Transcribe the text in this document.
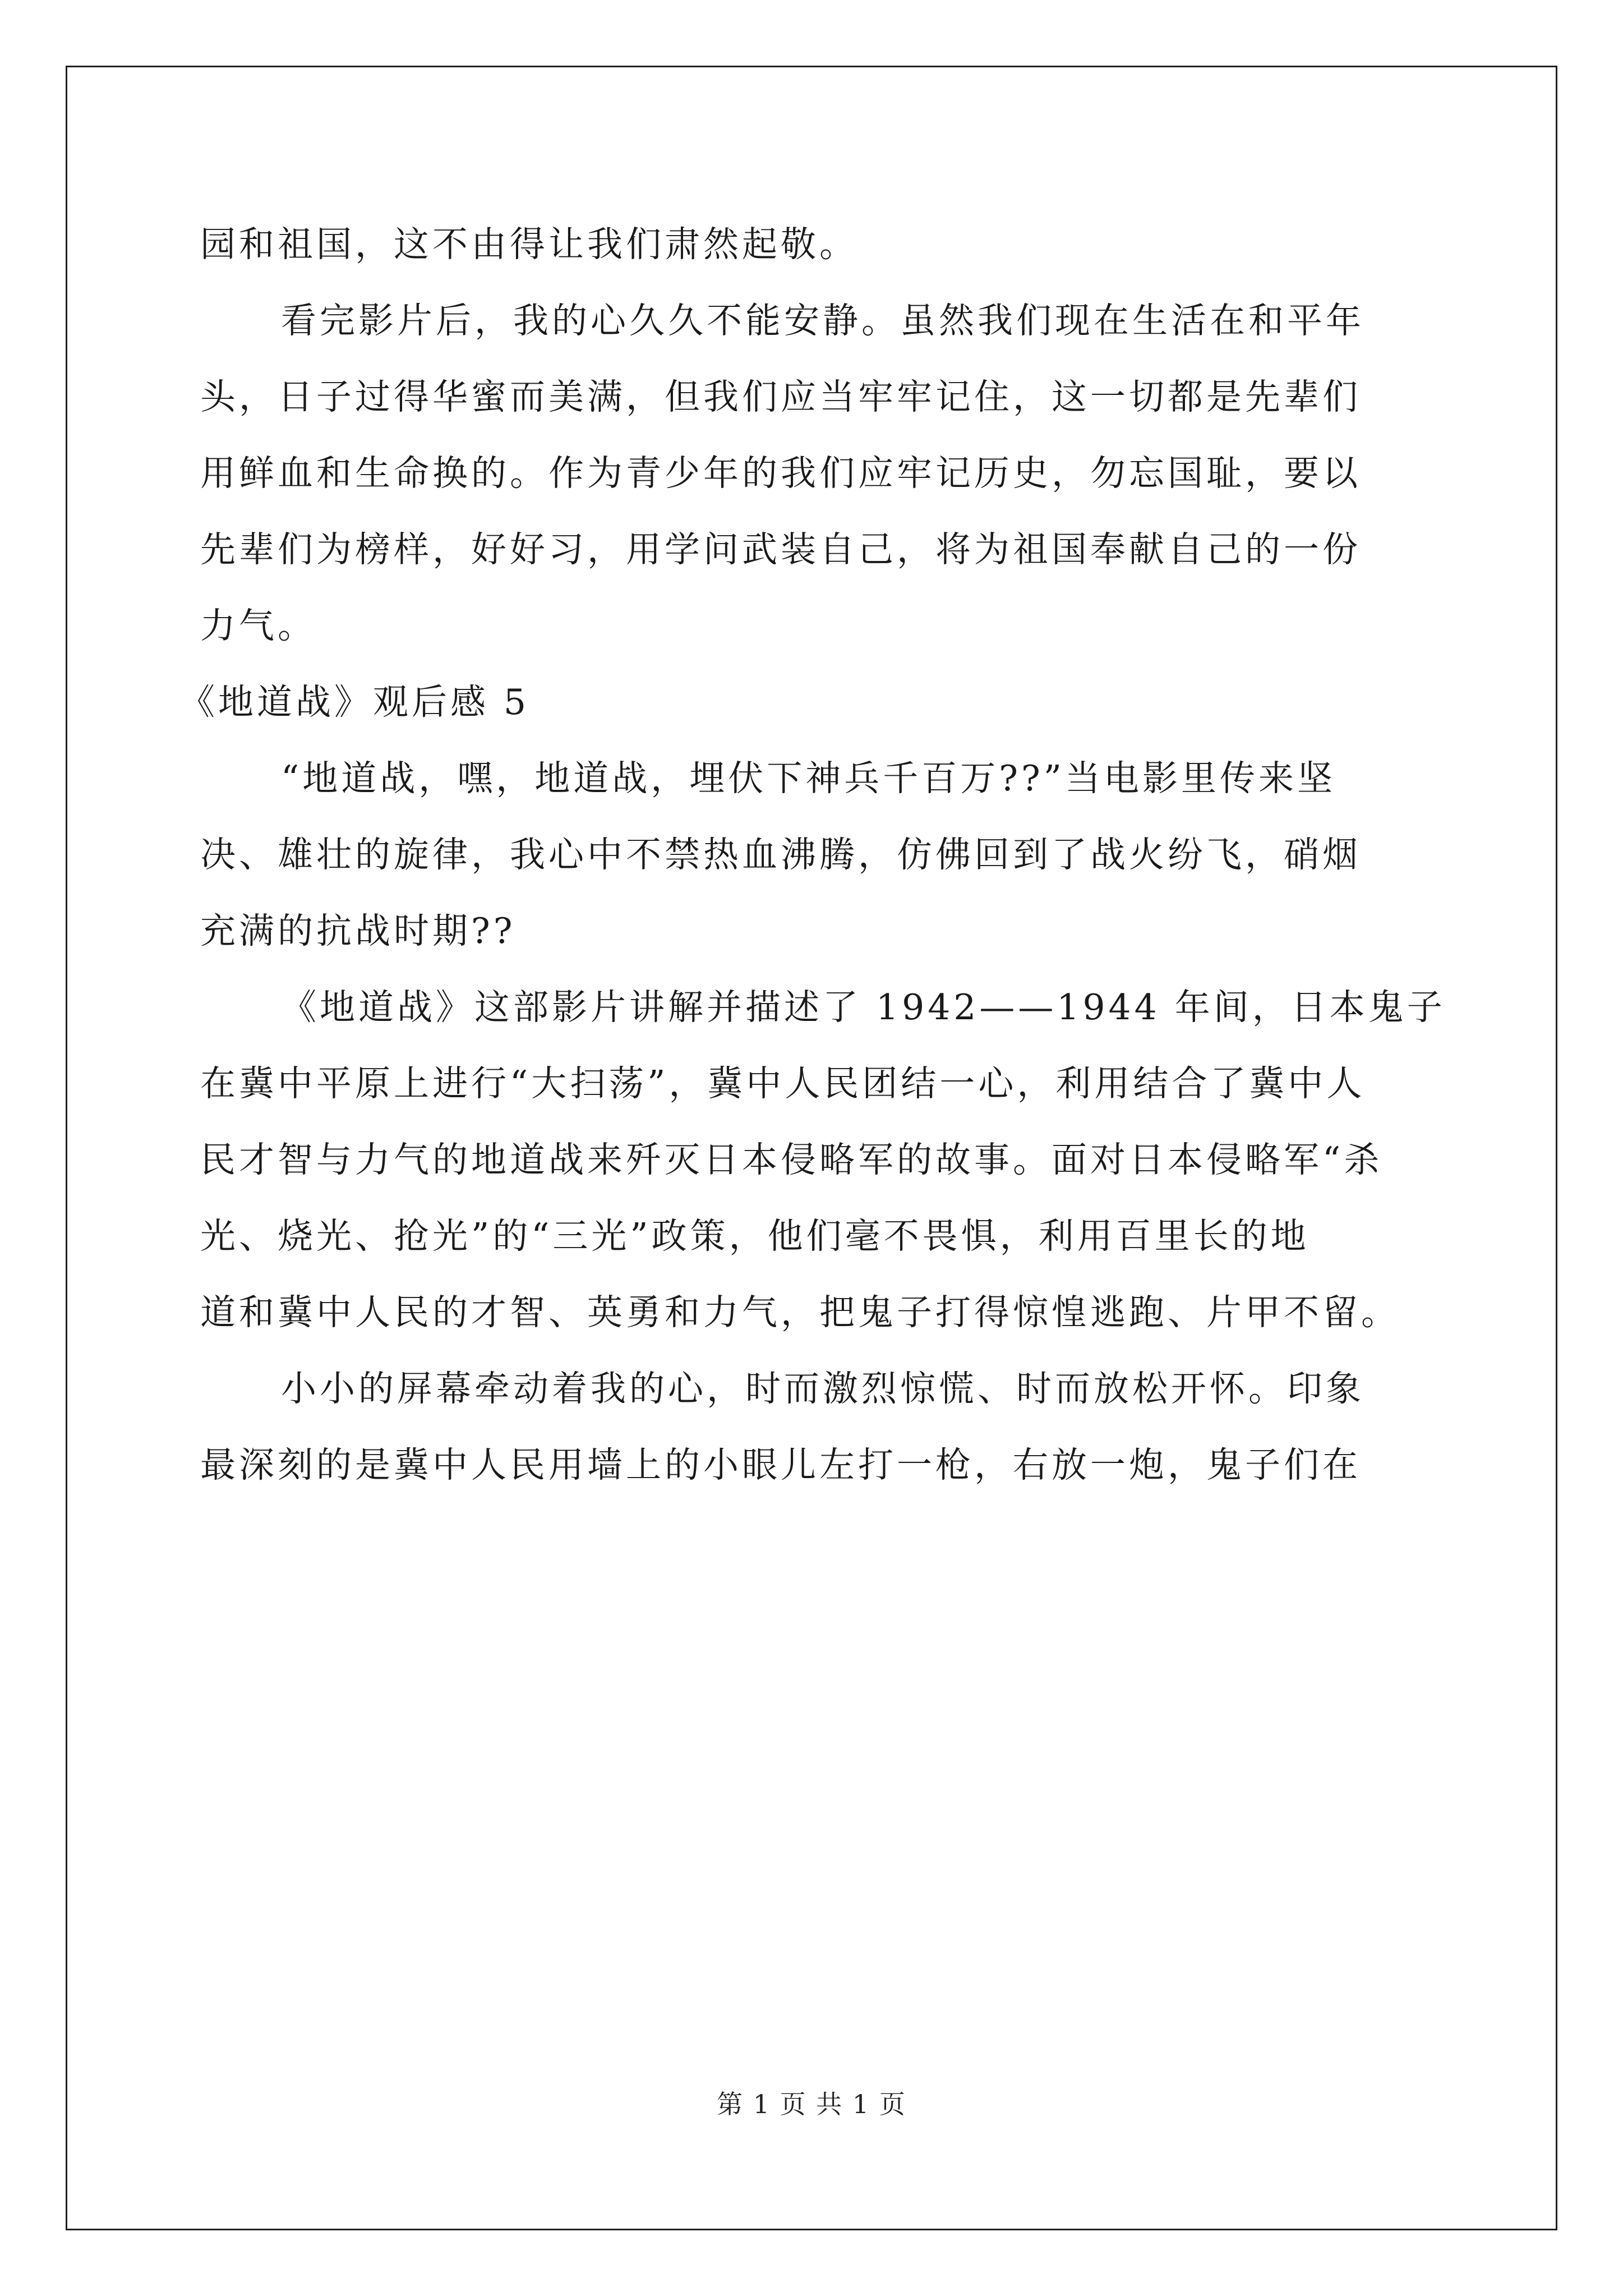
园和祖国，这不由得让我们肃然起敬。
看完影片后，我的心久久不能安静。虽然我们现在生活在和平年
头，日子过得华蜜而美满，但我们应当牢牢记住，这一切都是先辈们
用鲜血和生命换的。作为青少年的我们应牢记历史，勿忘国耻，要以
先辈们为榜样，好好习，用学问武装自己，将为祖国奉献自己的一份
力气。
《地道战》观后感 5
“地道战，嘿，地道战，埋伏下神兵千百万??”当电影里传来坚
决、雄壮的旋律，我心中不禁热血沸腾，仿佛回到了战火纷飞，硝烟
充满的抗战时期??
《地道战》这部影片讲解并描述了 1942——1944 年间，日本鬼子
在冀中平原上进行“大扫荡”，冀中人民团结一心，利用结合了冀中人
民才智与力气的地道战来歼灭日本侵略军的故事。面对日本侵略军“杀
光、烧光、抢光”的“三光”政策，他们毫不畏惧，利用百里长的地
道和冀中人民的才智、英勇和力气，把鬼子打得惊惶逃跑、片甲不留。
小小的屏幕牵动着我的心，时而激烈惊慌、时而放松开怀。印象
最深刻的是冀中人民用墙上的小眼儿左打一枪，右放一炮，鬼子们在
第 1 页 共 1 页
